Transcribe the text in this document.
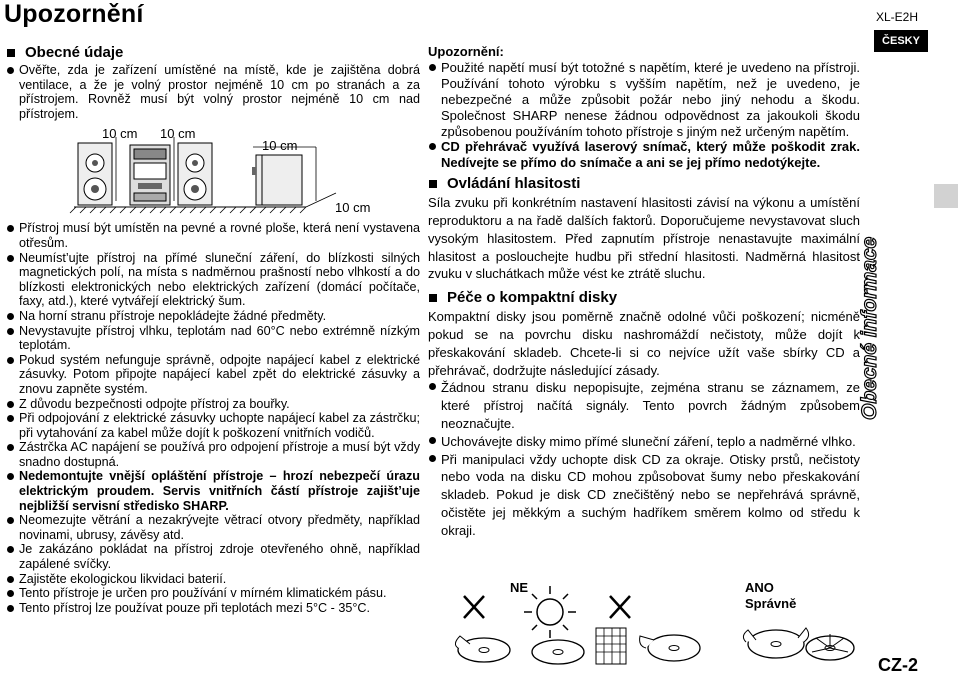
Upozornění	XL-E2H
ČESKY
Obecné informace
CZ-2
Obecné údaje
Ověřte, zda je zařízení umístěné na místě, kde je zajištěna dobrá ventilace, a že je volný prostor nejméně 10 cm po stranách a za přístrojem. Rovněž musí být volný prostor nejméně 10 cm nad přístrojem.
10 cm 10 cm
10 cm
10 cm
Přístroj musí být umístěn na pevné a rovné ploše, která není vystavena otřesům.
Neumíst’ujte přístroj na přímé sluneční záření, do blízkosti silných magnetických polí, na místa s nadměrnou prašností nebo vlhkostí a do blízkosti elektronických nebo elektrických zařízení (domácí počítače, faxy, atd.), které vytvářejí elektrický šum.
Na horní stranu přístroje nepokládejte žádné předměty.
Nevystavujte přístroj vlhku, teplotám nad 60°C nebo extrémně nízkým teplotám.
Pokud systém nefunguje správně, odpojte napájecí kabel z elektrické zásuvky. Potom připojte napájecí kabel zpět do elektrické zásuvky a znovu zapněte systém.
Z důvodu bezpečnosti odpojte přístroj za bouřky.
Při odpojování z elektrické zásuvky uchopte napájecí kabel za zástrčku; při vytahování za kabel může dojít k poškození vnitřních vodičů.
Zástrčka AC napájení se používá pro odpojení přístroje a musí být vždy snadno dostupná.
Nedemontujte vnější opláštění přístroje – hrozí nebezpečí úrazu elektrickým proudem. Servis vnitřních částí přístroje zajišt’uje nejbližší servisní středisko SHARP.
Neomezujte větrání a nezakrývejte větrací otvory předměty, například novinami, ubrusy, závěsy atd.
Je zakázáno pokládat na přístroj zdroje otevřeného ohně, například zapálené svíčky.
Zajistěte ekologickou likvidaci baterií.
Tento přístroje je určen pro používání v mírném klimatickém pásu.
Tento přístroj lze používat pouze při teplotách mezi 5°C - 35°C.

Upozornění:

Použité napětí musí být totožné s napětím, které je uvedeno na přístroji. Používání tohoto výrobku s vyšším napětím, než je uvedeno, je nebezpečné a může způsobit požár nebo jiný nehodu a škodu. Společnost SHARP nenese žádnou odpovědnost za jakoukoli škodu způsobenou používáním tohoto přístroje s jiným než určeným napětím.
CD přehrávač využívá laserový snímač, který může poškodit zrak. Nedívejte se přímo do snímače a ani se jej přímo nedotýkejte.
Ovládání hlasitosti

Síla zvuku při konkrétním nastavení hlasitosti závisí na výkonu a umístění reproduktoru a na řadě dalších faktorů. Doporučujeme nevystavovat sluch vysokým hlasitostem. Před zapnutím přístroje nenastavujte maximální hlasitost a poslouchejte hudbu při střední hlasitosti. Nadměrná hlasitost zvuku v sluchátkach může vést ke ztrátě sluchu.

Péče o kompaktní disky

Kompaktní disky jsou poměrně značně odolné vůči poškození; nicméně pokud se na povrchu disku nashromáždí nečistoty, může dojít k přeskakování skladeb. Chcete-li si co nejvíce užít vaše sbírky CD a přehrávač, dodržujte následující zásady.

Žádnou stranu disku nepopisujte, zejména stranu se záznamem, ze které přístroj načítá signály. Tento povrch žádným způsobem neoznačujte.
Uchovávejte disky mimo přímé sluneční záření, teplo a nadměrné vlhko.
Při manipulaci vždy uchopte disk CD za okraje. Otisky prstů, nečistoty nebo voda na disku CD mohou způsobovat šumy nebo přeskakování skladeb. Pokud je disk CD znečištěný nebo se nepřehrává správně, očistěte jej měkkým a suchým hadříkem směrem kolmo od středu k okraji.
NE	ANO
Správně
